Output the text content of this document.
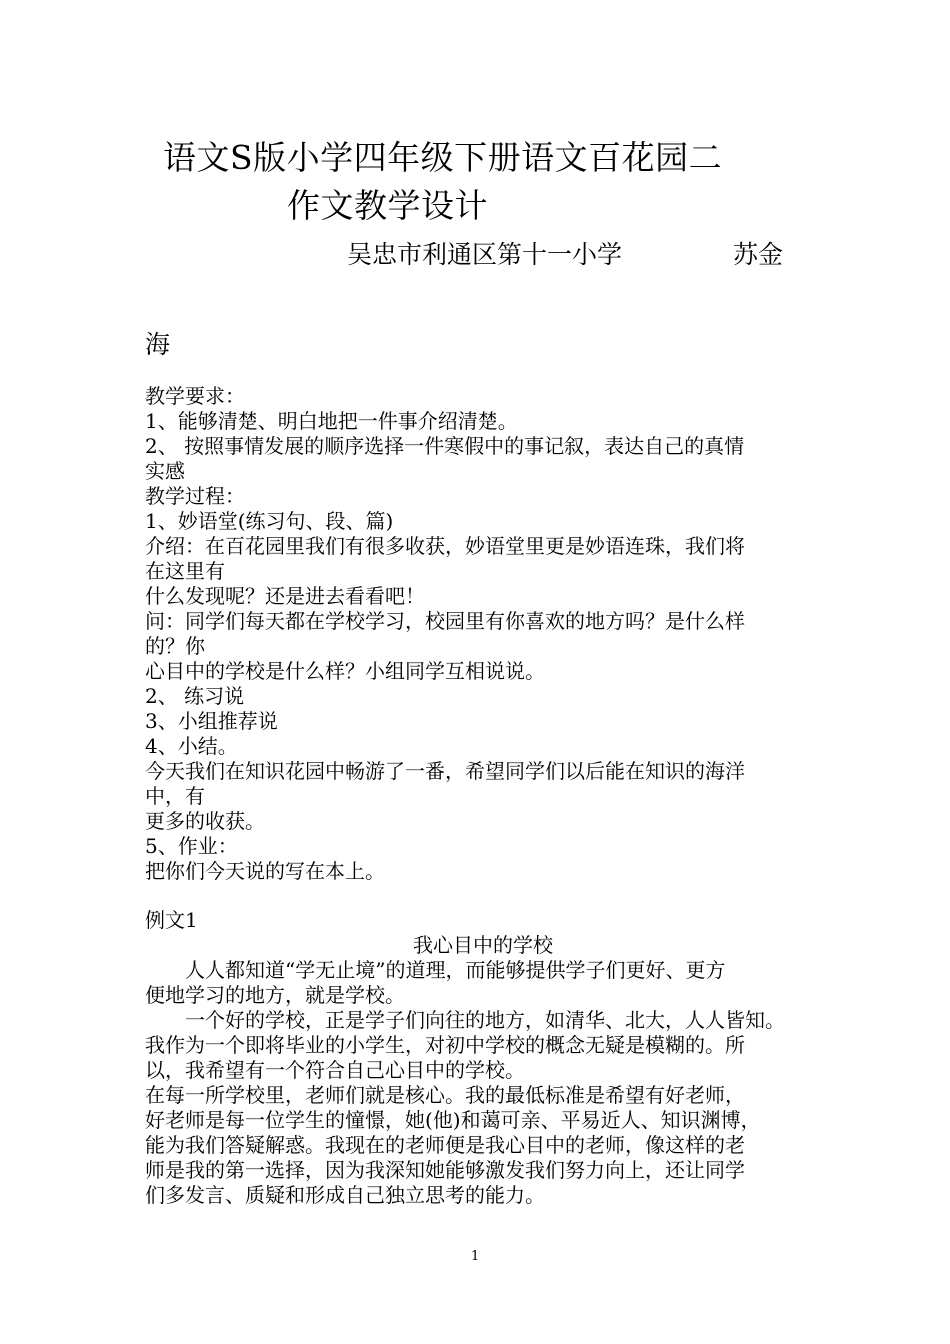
语文S版小学四年级下册语文百花园二
作文教学设计
吴忠市利通区第十一小学	苏金
海
教学要求：
1、能够清楚、明白地把一件事介绍清楚。
2、 按照事情发展的顺序选择一件寒假中的事记叙，表达自己的真情
实感
教学过程：
1、妙语堂(练习句、段、篇)
介绍：在百花园里我们有很多收获，妙语堂里更是妙语连珠，我们将
在这里有
什么发现呢？还是进去看看吧！
问：同学们每天都在学校学习，校园里有你喜欢的地方吗？是什么样
的？你
心目中的学校是什么样？小组同学互相说说。
2、 练习说
3、小组推荐说
4、小结。
今天我们在知识花园中畅游了一番，希望同学们以后能在知识的海洋
中，有
更多的收获。
5、作业：
把你们今天说的写在本上。
例文1
我心目中的学校
人人都知道“学无止境”的道理，而能够提供学子们更好、更方
便地学习的地方，就是学校。
一个好的学校，正是学子们向往的地方，如清华、北大，人人皆知。
我作为一个即将毕业的小学生，对初中学校的概念无疑是模糊的。所
以，我希望有一个符合自己心目中的学校。
在每一所学校里，老师们就是核心。我的最低标准是希望有好老师，
好老师是每一位学生的憧憬，她(他)和蔼可亲、平易近人、知识渊博，
能为我们答疑解惑。我现在的老师便是我心目中的老师，像这样的老
师是我的第一选择，因为我深知她能够激发我们努力向上，还让同学
们多发言、质疑和形成自己独立思考的能力。
1
